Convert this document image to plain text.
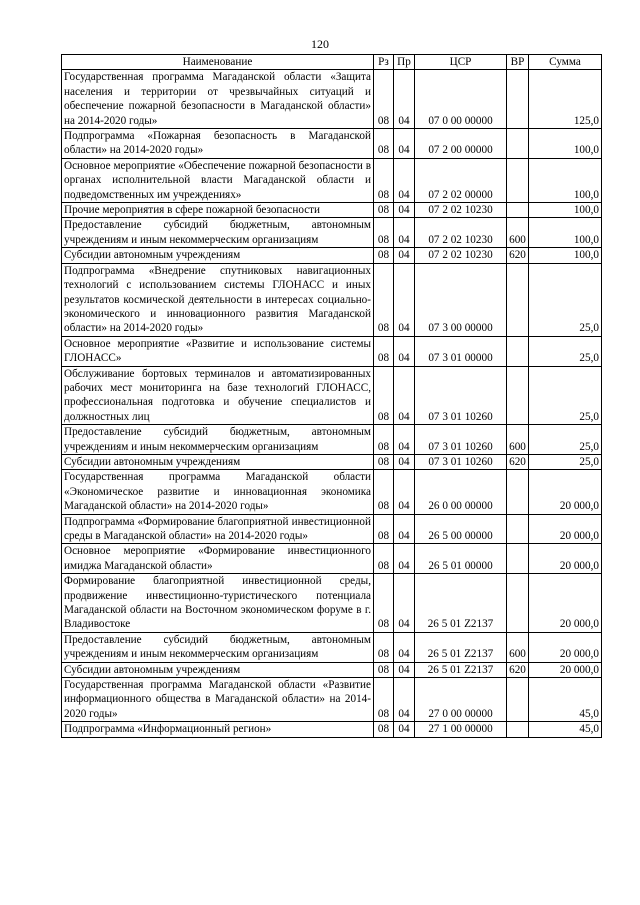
120
Наименование	Рз	Пр	ЦСР	ВР	Сумма
Государственная программа Магаданской области «Защита населения и территории от чрезвычайных ситуаций и обеспечение пожарной безопасности в Магаданской области» на 2014-2020 годы»	08	04	07 0 00 00000		125,0
Подпрограмма «Пожарная безопасность в Магаданской области» на 2014-2020 годы»	08	04	07 2 00 00000		100,0
Основное мероприятие «Обеспечение пожарной безопасности в органах исполнительной власти Магаданской области и подведомственных им учреждениях»	08	04	07 2 02 00000		100,0
Прочие мероприятия в сфере пожарной безопасности	08	04	07 2 02 10230		100,0
Предоставление субсидий бюджетным, автономным учреждениям и иным некоммерческим организациям	08	04	07 2 02 10230	600	100,0
Субсидии автономным учреждениям	08	04	07 2 02 10230	620	100,0
Подпрограмма «Внедрение спутниковых навигационных технологий с использованием системы ГЛОНАСС и иных результатов космической деятельности в интересах социально-экономического и инновационного развития Магаданской области» на 2014-2020 годы»	08	04	07 3 00 00000		25,0
Основное мероприятие «Развитие и использование системы ГЛОНАСС»	08	04	07 3 01 00000		25,0
Обслуживание бортовых терминалов и автоматизированных рабочих мест мониторинга на базе технологий ГЛОНАСС, профессиональная подготовка и обучение специалистов и должностных лиц	08	04	07 3 01 10260		25,0
Предоставление субсидий бюджетным, автономным учреждениям и иным некоммерческим организациям	08	04	07 3 01 10260	600	25,0
Субсидии автономным учреждениям	08	04	07 3 01 10260	620	25,0
Государственная программа Магаданской области «Экономическое развитие и инновационная экономика Магаданской области» на 2014-2020 годы»	08	04	26 0 00 00000		20 000,0
Подпрограмма «Формирование благоприятной инвестиционной среды в Магаданской области» на 2014-2020 годы»	08	04	26 5 00 00000		20 000,0
Основное мероприятие «Формирование инвестиционного имиджа Магаданской области»	08	04	26 5 01 00000		20 000,0
Формирование благоприятной инвестиционной среды, продвижение инвестиционно-туристического потенциала Магаданской области на Восточном экономическом форуме в г. Владивостоке	08	04	26 5 01 Z2137		20 000,0
Предоставление субсидий бюджетным, автономным учреждениям и иным некоммерческим организациям	08	04	26 5 01 Z2137	600	20 000,0
Субсидии автономным учреждениям	08	04	26 5 01 Z2137	620	20 000,0
Государственная программа Магаданской области «Развитие информационного общества в Магаданской области» на 2014-2020 годы»	08	04	27 0 00 00000		45,0
Подпрограмма «Информационный регион»	08	04	27 1 00 00000		45,0
